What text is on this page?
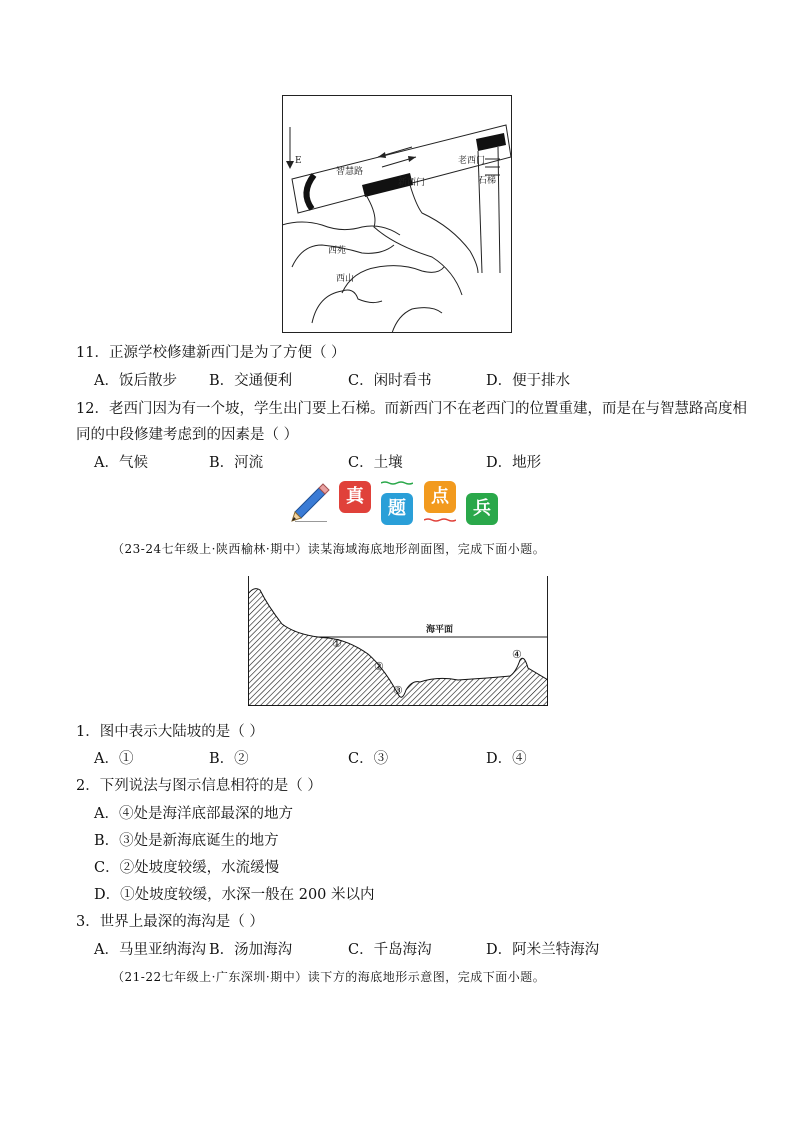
E
智慧路
新西门
老西门
石梯
西苑
西山
11．正源学校修建新西门是为了方便（ ）
A．饭后散步 B．交通便利	C．闲时看书	D．便于排水
12．老西门因为有一个坡，学生出门要上石梯。而新西门不在老西门的位置重建，而是在与智慧路高度相
同的中段修建考虑到的因素是（ ）
A．气候	B．河流	C．土壤	D．地形
真
题
点
兵
（23-24七年级上·陕西榆林·期中）读某海域海底地形剖面图，完成下面小题。
海平面
①
②
③
④
1．图中表示大陆坡的是（ ）
A．①	B．②	C．③	D．④
2．下列说法与图示信息相符的是（ ）
A．④处是海洋底部最深的地方
B．③处是新海底诞生的地方
C．②处坡度较缓，水流缓慢
D．①处坡度较缓，水深一般在 200 米以内
3．世界上最深的海沟是（ ）
A．马里亚纳海沟 B．汤加海沟	C．千岛海沟	D．阿米兰特海沟
（21-22七年级上·广东深圳·期中）读下方的海底地形示意图，完成下面小题。
